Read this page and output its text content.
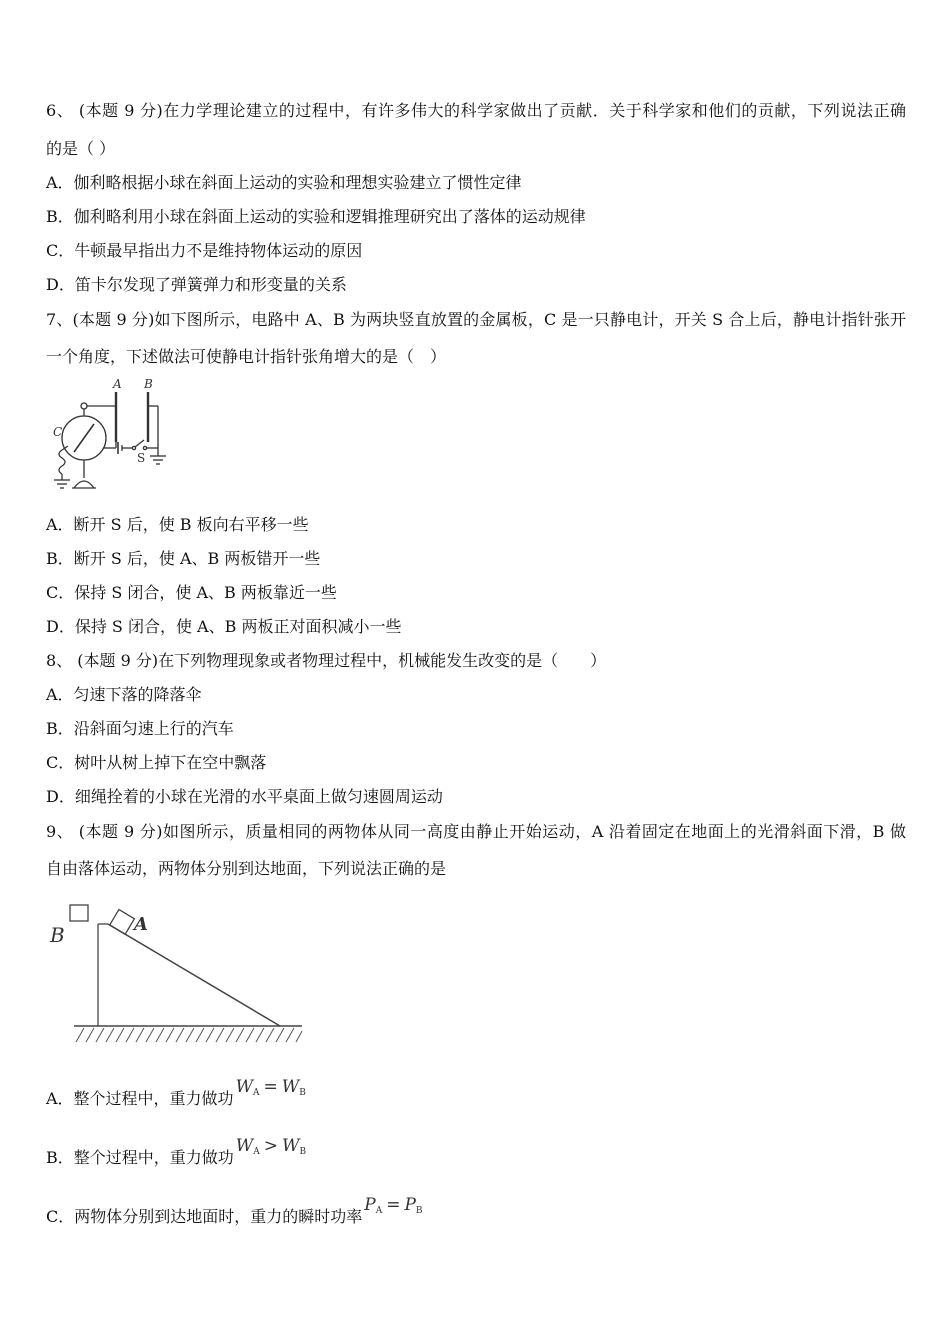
6、 (本题 9 分)在力学理论建立的过程中，有许多伟大的科学家做出了贡献．关于科学家和他们的贡献，下列说法正确
的是（ ）
A．伽利略根据小球在斜面上运动的实验和理想实验建立了惯性定律
B．伽利略利用小球在斜面上运动的实验和逻辑推理研究出了落体的运动规律
C．牛顿最早指出力不是维持物体运动的原因
D．笛卡尔发现了弹簧弹力和形变量的关系
7、(本题 9 分)如下图所示，电路中 A、B 为两块竖直放置的金属板，C 是一只静电计，开关 S 合上后，静电计指针张开
一个角度，下述做法可使静电计指针张角增大的是（　）
A B
C
S
A．断开 S 后，使 B 板向右平移一些
B．断开 S 后，使 A、B 两板错开一些
C．保持 S 闭合，使 A、B 两板靠近一些
D．保持 S 闭合，使 A、B 两板正对面积减小一些
8、 (本题 9 分)在下列物理现象或者物理过程中，机械能发生改变的是（　　）
A．匀速下落的降落伞
B．沿斜面匀速上行的汽车
C．树叶从树上掉下在空中飘落
D．细绳拴着的小球在光滑的水平桌面上做匀速圆周运动
9、 (本题 9 分)如图所示，质量相同的两物体从同一高度由静止开始运动，A 沿着固定在地面上的光滑斜面下滑，B 做
自由落体运动，两物体分别到达地面，下列说法正确的是
B	A
A．整个过程中，重力做功$W_A = W_B$
B．整个过程中，重力做功$W_A > W_B$
C．两物体分别到达地面时，重力的瞬时功率$P_A = P_B$
